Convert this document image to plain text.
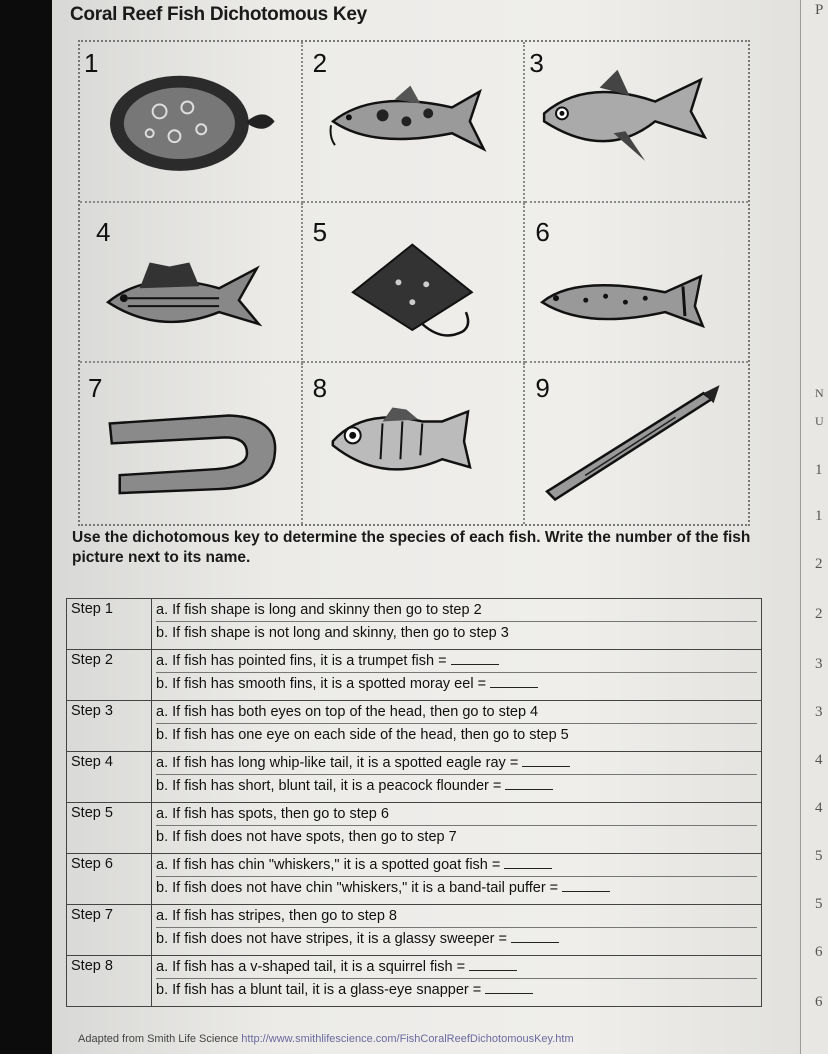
P
N
U
1
1
2
2
3
3
4
4
5
5
6
6
Coral Reef Fish Dichotomous Key
1	2	3
4	5	6
7	8	9
Use the dichotomous key to determine the species of each fish. Write the number of the fish picture next to its name.
Step 1	a. If fish shape is long and skinny then go to step 2
b. If fish shape is not long and skinny, then go to step 3

Step 2	a. If fish has pointed fins, it is a trumpet fish =
b. If fish has smooth fins, it is a spotted moray eel =

Step 3	a. If fish has both eyes on top of the head, then go to step 4
b. If fish has one eye on each side of the head, then go to step 5

Step 4	a. If fish has long whip-like tail, it is a spotted eagle ray =
b. If fish has short, blunt tail, it is a peacock flounder =

Step 5	a. If fish has spots, then go to step 6
b. If fish does not have spots, then go to step 7

Step 6	a. If fish has chin "whiskers," it is a spotted goat fish =
b. If fish does not have chin "whiskers," it is a band-tail puffer =

Step 7	a. If fish has stripes, then go to step 8
b. If fish does not have stripes, it is a glassy sweeper =

Step 8	a. If fish has a v-shaped tail, it is a squirrel fish =
b. If fish has a blunt tail, it is a glass-eye snapper =
Adapted from Smith Life Science http://www.smithlifescience.com/FishCoralReefDichotomousKey.htm
